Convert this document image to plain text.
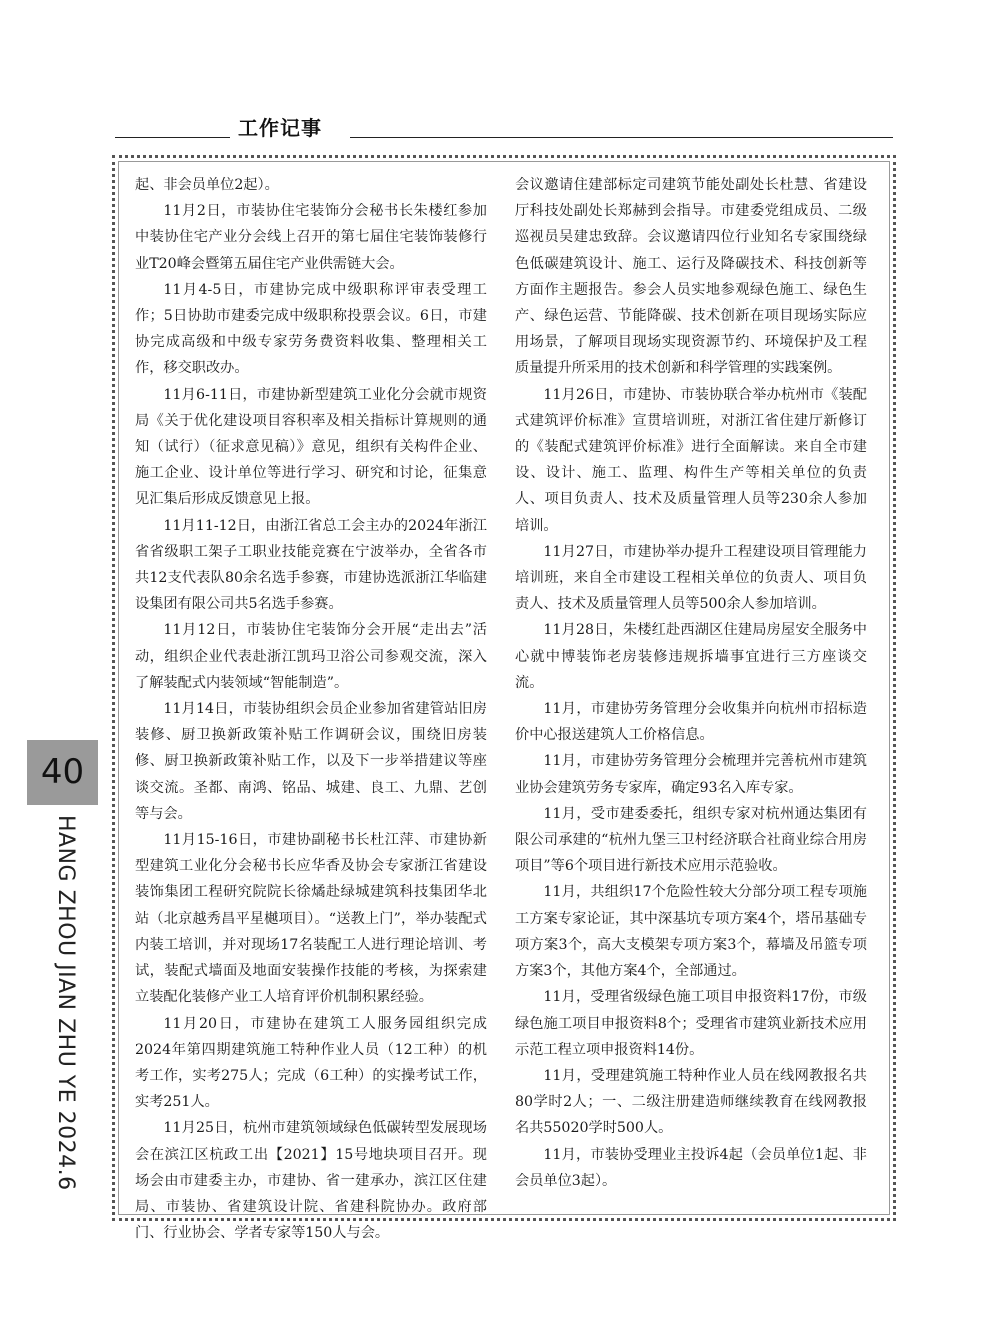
工作记事

起、非会员单位2起）。

11月2日，市装协住宅装饰分会秘书长朱楼红参加中装协住宅产业分会线上召开的第七届住宅装饰装修行业T20峰会暨第五届住宅产业供需链大会。

11月4-5日，市建协完成中级职称评审表受理工作；5日协助市建委完成中级职称投票会议。6日，市建协完成高级和中级专家劳务费资料收集、整理相关工作，移交职改办。

11月6-11日，市建协新型建筑工业化分会就市规资局《关于优化建设项目容积率及相关指标计算规则的通知（试行）（征求意见稿）》意见，组织有关构件企业、施工企业、设计单位等进行学习、研究和讨论，征集意见汇集后形成反馈意见上报。

11月11-12日，由浙江省总工会主办的2024年浙江省省级职工架子工职业技能竞赛在宁波举办，全省各市共12支代表队80余名选手参赛，市建协选派浙江华临建设集团有限公司共5名选手参赛。

11月12日，市装协住宅装饰分会开展“走出去”活动，组织企业代表赴浙江凯玛卫浴公司参观交流，深入了解装配式内装领域“智能制造”。

11月14日，市装协组织会员企业参加省建管站旧房装修、厨卫换新政策补贴工作调研会议，围绕旧房装修、厨卫换新政策补贴工作，以及下一步举措建议等座谈交流。圣都、南鸿、铭品、城建、良工、九鼎、艺创等与会。

11月15-16日，市建协副秘书长杜江萍、市建协新型建筑工业化分会秘书长应华香及协会专家浙江省建设装饰集团工程研究院院长徐燏赴绿城建筑科技集团华北站（北京越秀昌平星樾项目）。“送教上门”，举办装配式内装工培训，并对现场17名装配工人进行理论培训、考试，装配式墙面及地面安装操作技能的考核，为探索建立装配化装修产业工人培育评价机制积累经验。

11月20日，市建协在建筑工人服务园组织完成2024年第四期建筑施工特种作业人员（12工种）的机考工作，实考275人；完成（6工种）的实操考试工作，实考251人。

11月25日，杭州市建筑领域绿色低碳转型发展现场会在滨江区杭政工出【2021】15号地块项目召开。现场会由市建委主办，市建协、省一建承办，滨江区住建局、市装协、省建筑设计院、省建科院协办。政府部门、行业协会、学者专家等150人与会。

会议邀请住建部标定司建筑节能处副处长杜慧、省建设厅科技处副处长郑赫到会指导。市建委党组成员、二级巡视员吴建忠致辞。会议邀请四位行业知名专家围绕绿色低碳建筑设计、施工、运行及降碳技术、科技创新等方面作主题报告。参会人员实地参观绿色施工、绿色生产、绿色运营、节能降碳、技术创新在项目现场实际应用场景，了解项目现场实现资源节约、环境保护及工程质量提升所采用的技术创新和科学管理的实践案例。

11月26日，市建协、市装协联合举办杭州市《装配式建筑评价标准》宣贯培训班，对浙江省住建厅新修订的《装配式建筑评价标准》进行全面解读。来自全市建设、设计、施工、监理、构件生产等相关单位的负责人、项目负责人、技术及质量管理人员等230余人参加培训。

11月27日，市建协举办提升工程建设项目管理能力培训班，来自全市建设工程相关单位的负责人、项目负责人、技术及质量管理人员等500余人参加培训。

11月28日，朱楼红赴西湖区住建局房屋安全服务中心就中博装饰老房装修违规拆墙事宜进行三方座谈交流。

11月，市建协劳务管理分会收集并向杭州市招标造价中心报送建筑人工价格信息。

11月，市建协劳务管理分会梳理并完善杭州市建筑业协会建筑劳务专家库，确定93名入库专家。

11月，受市建委委托，组织专家对杭州通达集团有限公司承建的“杭州九堡三卫村经济联合社商业综合用房项目”等6个项目进行新技术应用示范验收。

11月，共组织17个危险性较大分部分项工程专项施工方案专家论证，其中深基坑专项方案4个，塔吊基础专项方案3个，高大支模架专项方案3个，幕墙及吊篮专项方案3个，其他方案4个，全部通过。

11月，受理省级绿色施工项目申报资料17份，市级绿色施工项目申报资料8个；受理省市建筑业新技术应用示范工程立项申报资料14份。

11月，受理建筑施工特种作业人员在线网教报名共80学时2人；一、二级注册建造师继续教育在线网教报名共55020学时500人。

11月，市装协受理业主投诉4起（会员单位1起、非会员单位3起）。

40
HANG ZHOU JIAN ZHU YE 2024.6
